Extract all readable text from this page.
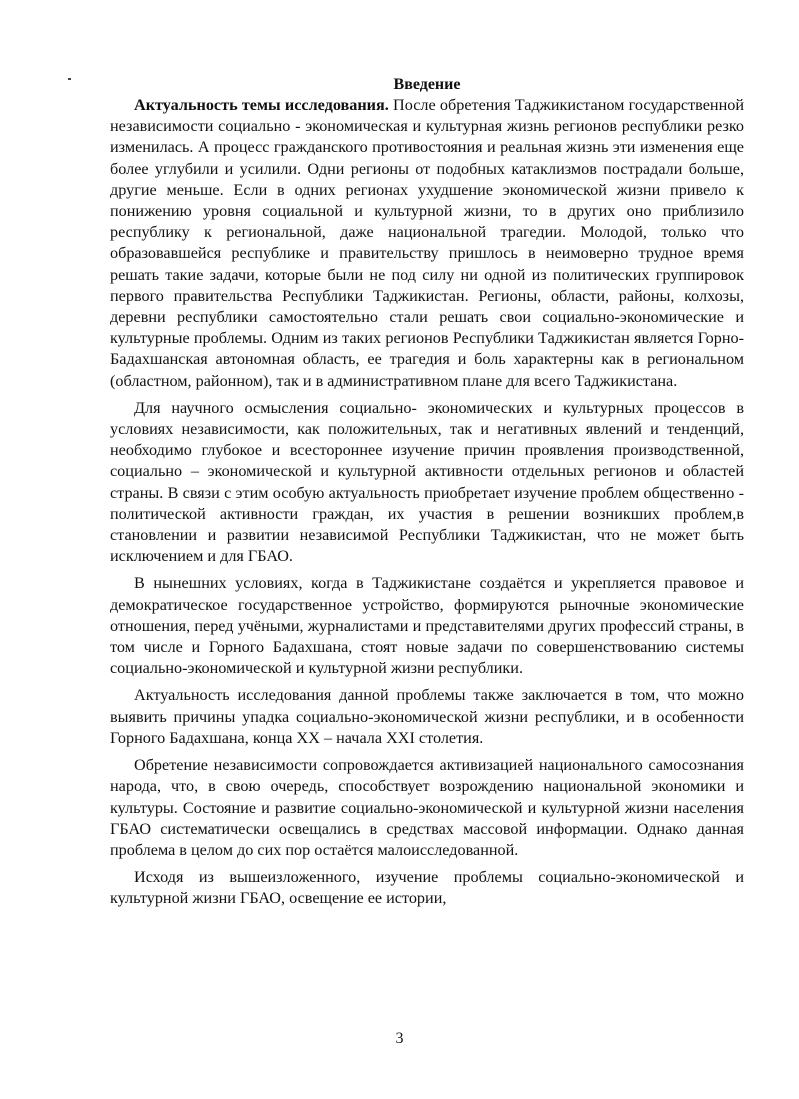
Введение

Актуальность темы исследования. После обретения Таджикистаном государственной независимости социально - экономическая и культурная жизнь регионов республики резко изменилась. А процесс гражданского противостояния и реальная жизнь эти изменения еще более углубили и усилили. Одни регионы от подобных катаклизмов пострадали больше, другие меньше. Если в одних регионах ухудшение экономической жизни привело к понижению уровня социальной и культурной жизни, то в других оно приблизило республику к региональной, даже национальной трагедии. Молодой, только что образовавшейся республике и правительству пришлось в неимоверно трудное время решать такие задачи, которые были не под силу ни одной из политических группировок первого правительства Республики Таджикистан. Регионы, области, районы, колхозы, деревни республики самостоятельно стали решать свои социально-экономические и культурные проблемы. Одним из таких регионов Республики Таджикистан является Горно-Бадахшанская автономная область, ее трагедия и боль характерны как в региональном (областном, районном), так и в административном плане для всего Таджикистана.

Для научного осмысления социально- экономических и культурных процессов в условиях независимости, как положительных, так и негативных явлений и тенденций, необходимо глубокое и всестороннее изучение причин проявления производственной, социально – экономической и культурной активности отдельных регионов и областей страны. В связи с этим особую актуальность приобретает изучение проблем общественно - политической активности граждан, их участия в решении возникших проблем,в становлении и развитии независимой Республики Таджикистан, что не может быть исключением и для ГБАО.

В нынешних условиях, когда в Таджикистане создаётся и укрепляется правовое и демократическое государственное устройство, формируются рыночные экономические отношения, перед учёными, журналистами и представителями других профессий страны, в том числе и Горного Бадахшана, стоят новые задачи по совершенствованию системы социально-экономической и культурной жизни республики.

Актуальность исследования данной проблемы также заключается в том, что можно выявить причины упадка социально-экономической жизни республики, и в особенности Горного Бадахшана, конца XX – начала XXI столетия.

Обретение независимости сопровождается активизацией национального самосознания народа, что, в свою очередь, способствует возрождению национальной экономики и культуры. Состояние и развитие социально-экономической и культурной жизни населения ГБАО систематически освещались в средствах массовой информации. Однако данная проблема в целом до сих пор остаётся малоисследованной.

Исходя из вышеизложенного, изучение проблемы социально-экономической и культурной жизни ГБАО, освещение ее истории,

3
